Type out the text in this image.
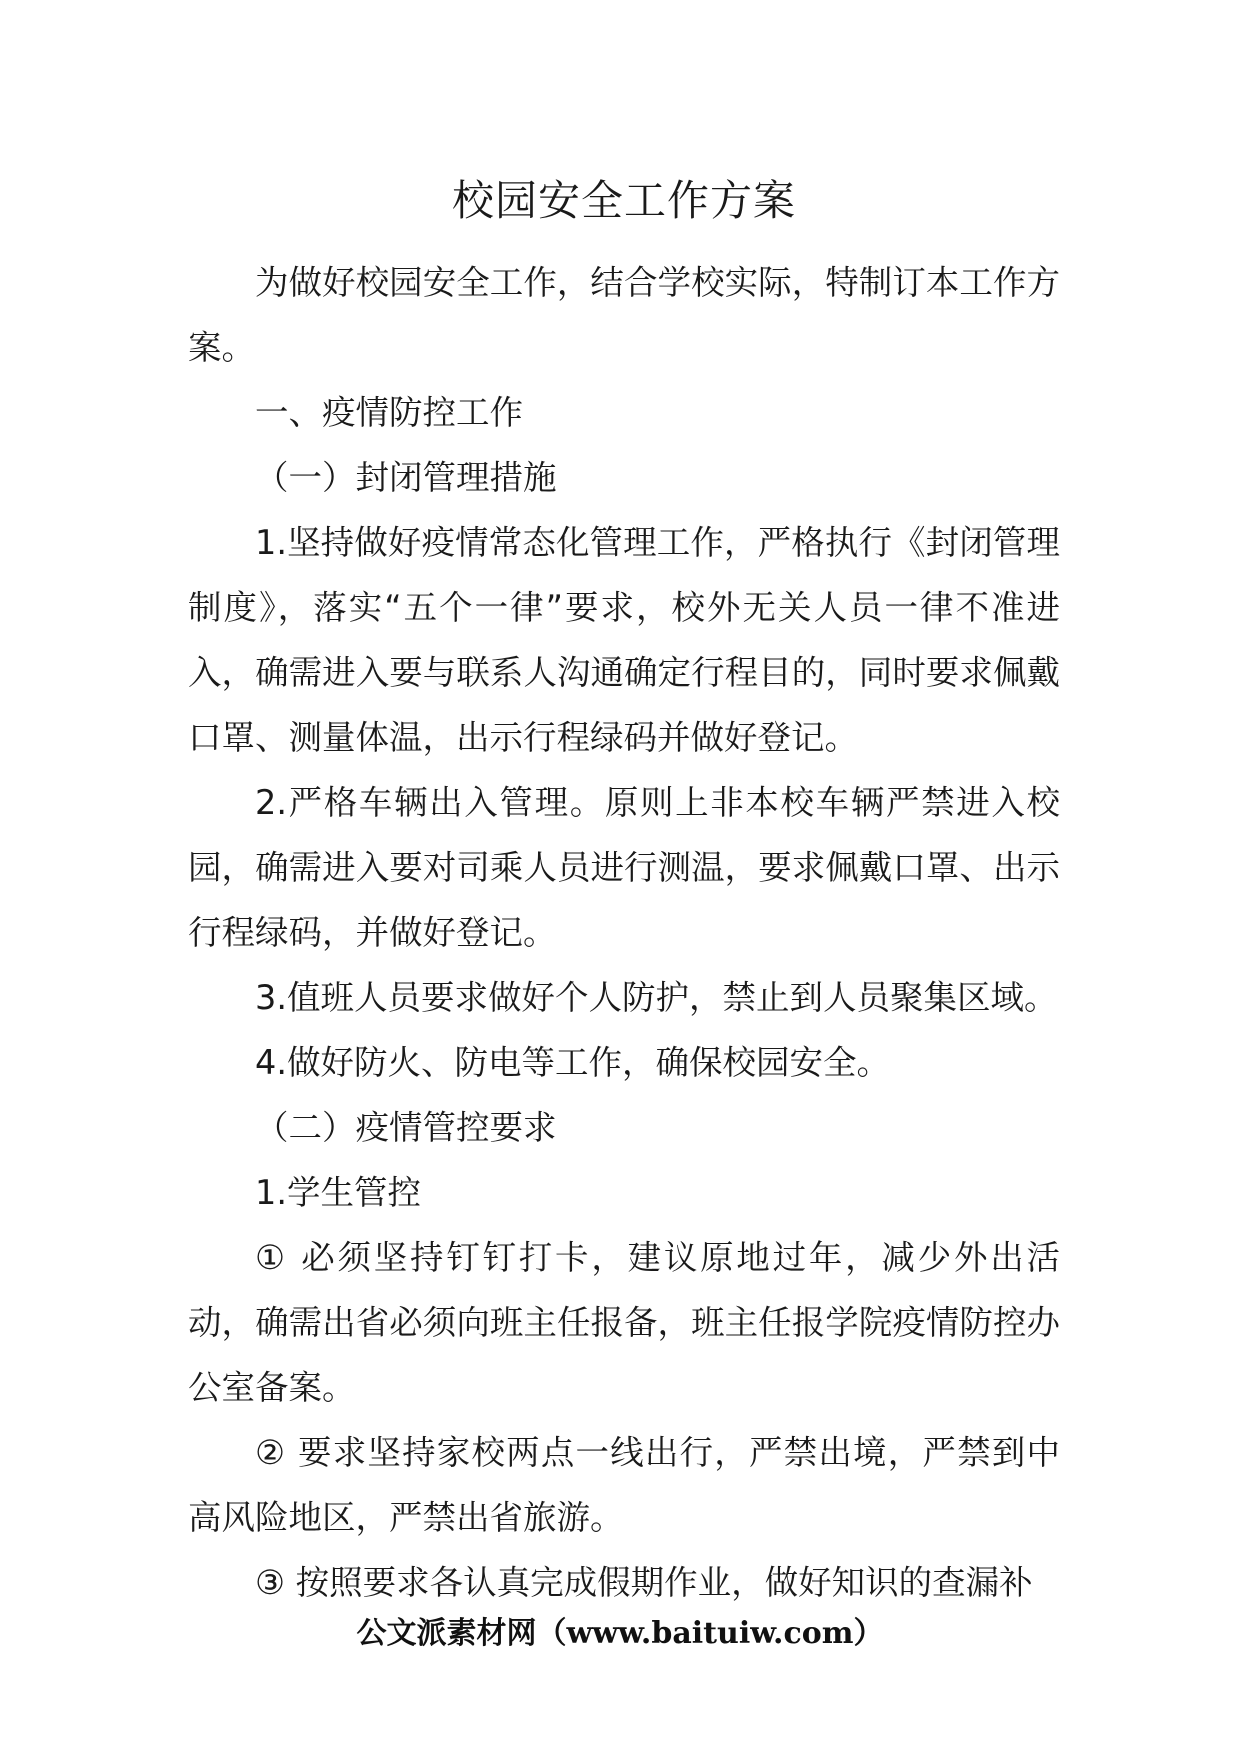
校园安全工作方案

为做好校园安全工作，结合学校实际，特制订本工作方案。

一、疫情防控工作

（一）封闭管理措施

1.坚持做好疫情常态化管理工作，严格执行《封闭管理制度》，落实“五个一律”要求，校外无关人员一律不准进入，确需进入要与联系人沟通确定行程目的，同时要求佩戴口罩、测量体温，出示行程绿码并做好登记。

2.严格车辆出入管理。原则上非本校车辆严禁进入校园，确需进入要对司乘人员进行测温，要求佩戴口罩、出示行程绿码，并做好登记。

3.值班人员要求做好个人防护，禁止到人员聚集区域。

4.做好防火、防电等工作，确保校园安全。

（二）疫情管控要求

1.学生管控

① 必须坚持钉钉打卡，建议原地过年，减少外出活动，确需出省必须向班主任报备，班主任报学院疫情防控办公室备案。

② 要求坚持家校两点一线出行，严禁出境，严禁到中高风险地区，严禁出省旅游。

③ 按照要求各认真完成假期作业，做好知识的查漏补

公文派素材网（www.baituiw.com）
